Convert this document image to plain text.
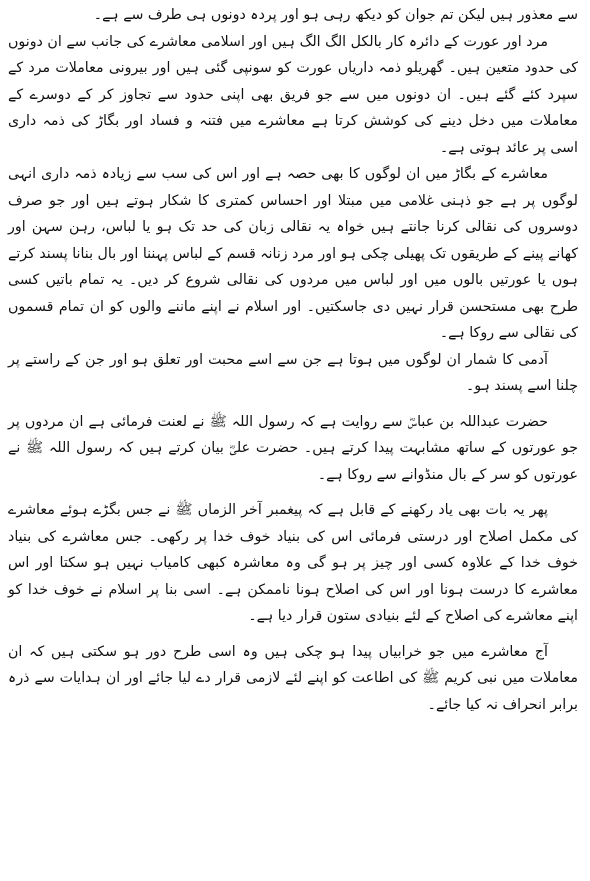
سے معذور ہیں لیکن تم جوان کو دیکھ رہی ہو اور پردہ دونوں ہی طرف سے ہے۔

مرد اور عورت کے دائرہ کار بالکل الگ الگ ہیں اور اسلامی معاشرے کی جانب سے ان دونوں کی حدود متعین ہیں۔ گھریلو ذمہ داریاں عورت کو سونپی گئی ہیں اور بیرونی معاملات مرد کے سپرد کئے گئے ہیں۔ ان دونوں میں سے جو فریق بھی اپنی حدود سے تجاوز کر کے دوسرے کے معاملات میں دخل دینے کی کوشش کرتا ہے معاشرے میں فتنہ و فساد اور بگاڑ کی ذمہ داری اسی پر عائد ہوتی ہے۔

معاشرے کے بگاڑ میں ان لوگوں کا بھی حصہ ہے اور اس کی سب سے زیادہ ذمہ داری انہی لوگوں پر ہے جو ذہنی غلامی میں مبتلا اور احساس کمتری کا شکار ہوتے ہیں اور جو صرف دوسروں کی نقالی کرنا جانتے ہیں خواہ یہ نقالی زبان کی حد تک ہو یا لباس، رہن سہن اور کھانے پینے کے طریقوں تک پھیلی چکی ہو اور مرد زنانہ قسم کے لباس پہننا اور بال بنانا پسند کرتے ہوں یا عورتیں بالوں میں اور لباس میں مردوں کی نقالی شروع کر دیں۔ یہ تمام باتیں کسی طرح بھی مستحسن قرار نہیں دی جاسکتیں۔ اور اسلام نے اپنے ماننے والوں کو ان تمام قسموں کی نقالی سے روکا ہے۔

آدمی کا شمار ان لوگوں میں ہوتا ہے جن سے اسے محبت اور تعلق ہو اور جن کے راستے پر چلنا اسے پسند ہو۔

حضرت عبداللہ بن عباسؓ سے روایت ہے کہ رسول اللہ ﷺ نے لعنت فرمائی ہے ان مردوں پر جو عورتوں کے ساتھ مشابہت پیدا کرتے ہیں۔ حضرت علیؓ بیان کرتے ہیں کہ رسول اللہ ﷺ نے عورتوں کو سر کے بال منڈوانے سے روکا ہے۔

پھر یہ بات بھی یاد رکھنے کے قابل ہے کہ پیغمبر آخر الزماں ﷺ نے جس بگڑے ہوئے معاشرے کی مکمل اصلاح اور درستی فرمائی اس کی بنیاد خوف خدا پر رکھی۔ جس معاشرے کی بنیاد خوف خدا کے علاوہ کسی اور چیز پر ہو گی وہ معاشرہ کبھی کامیاب نہیں ہو سکتا اور اس معاشرے کا درست ہونا اور اس کی اصلاح ہونا ناممکن ہے۔ اسی بنا پر اسلام نے خوف خدا کو اپنے معاشرے کی اصلاح کے لئے بنیادی ستون قرار دیا ہے۔

آج معاشرے میں جو خرابیاں پیدا ہو چکی ہیں وہ اسی طرح دور ہو سکتی ہیں کہ ان معاملات میں نبی کریم ﷺ کی اطاعت کو اپنے لئے لازمی قرار دے لیا جائے اور ان ہدایات سے ذرہ برابر انحراف نہ کیا جائے۔
